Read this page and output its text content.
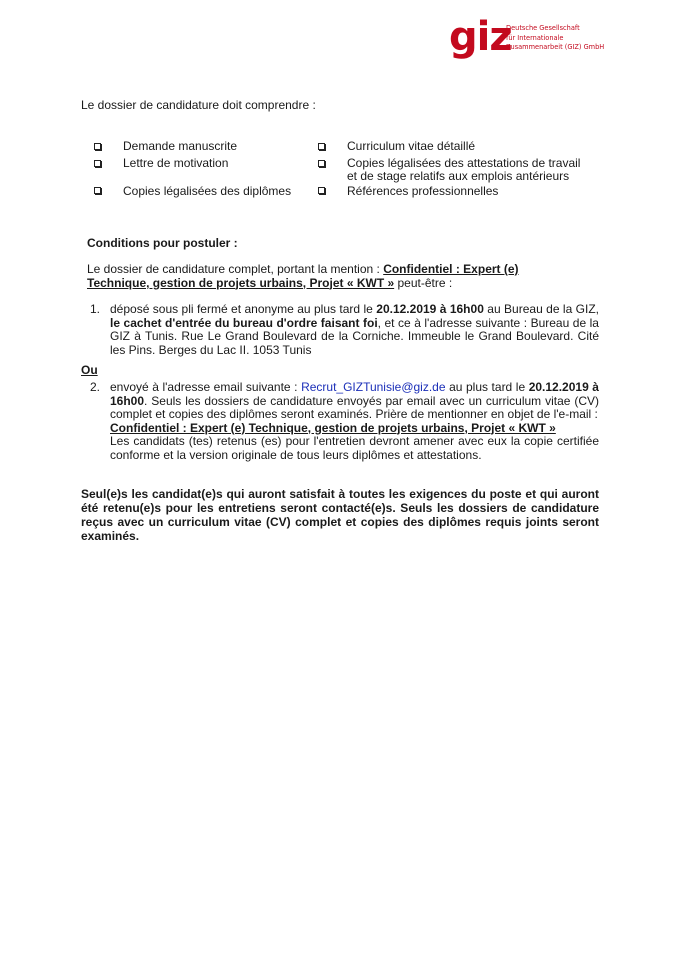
giz
Deutsche Gesellschaft
für Internationale
Zusammenarbeit (GIZ) GmbH
Le dossier de candidature doit comprendre :
Demande manuscrite
Lettre de motivation
Copies légalisées des diplômes
Curriculum vitae détaillé
Copies légalisées des attestations de travail
et de stage relatifs aux emplois antérieurs
Références professionnelles
Conditions pour postuler :
Le dossier de candidature complet, portant la mention : Confidentiel : Expert (e) Technique, gestion de projets urbains, Projet « KWT » peut-être :
1. déposé sous pli fermé et anonyme au plus tard le 20.12.2019 à 16h00 au Bureau de la GIZ, le cachet d'entrée du bureau d'ordre faisant foi, et ce à l'adresse suivante : Bureau de la GIZ à Tunis. Rue Le Grand Boulevard de la Corniche. Immeuble le Grand Boulevard. Cité les Pins. Berges du Lac II. 1053 Tunis
Ou
2. envoyé à l'adresse email suivante : Recrut_GIZTunisie@giz.de au plus tard le 20.12.2019 à 16h00. Seuls les dossiers de candidature envoyés par email avec un curriculum vitae (CV) complet et copies des diplômes seront examinés. Prière de mentionner en objet de l'e-mail :
Confidentiel : Expert (e) Technique, gestion de projets urbains, Projet « KWT »
Les candidats (tes) retenus (es) pour l'entretien devront amener avec eux la copie certifiée conforme et la version originale de tous leurs diplômes et attestations.
Seul(e)s les candidat(e)s qui auront satisfait à toutes les exigences du poste et qui auront été retenu(e)s pour les entretiens seront contacté(e)s. Seuls les dossiers de candidature reçus avec un curriculum vitae (CV) complet et copies des diplômes requis joints seront examinés.
